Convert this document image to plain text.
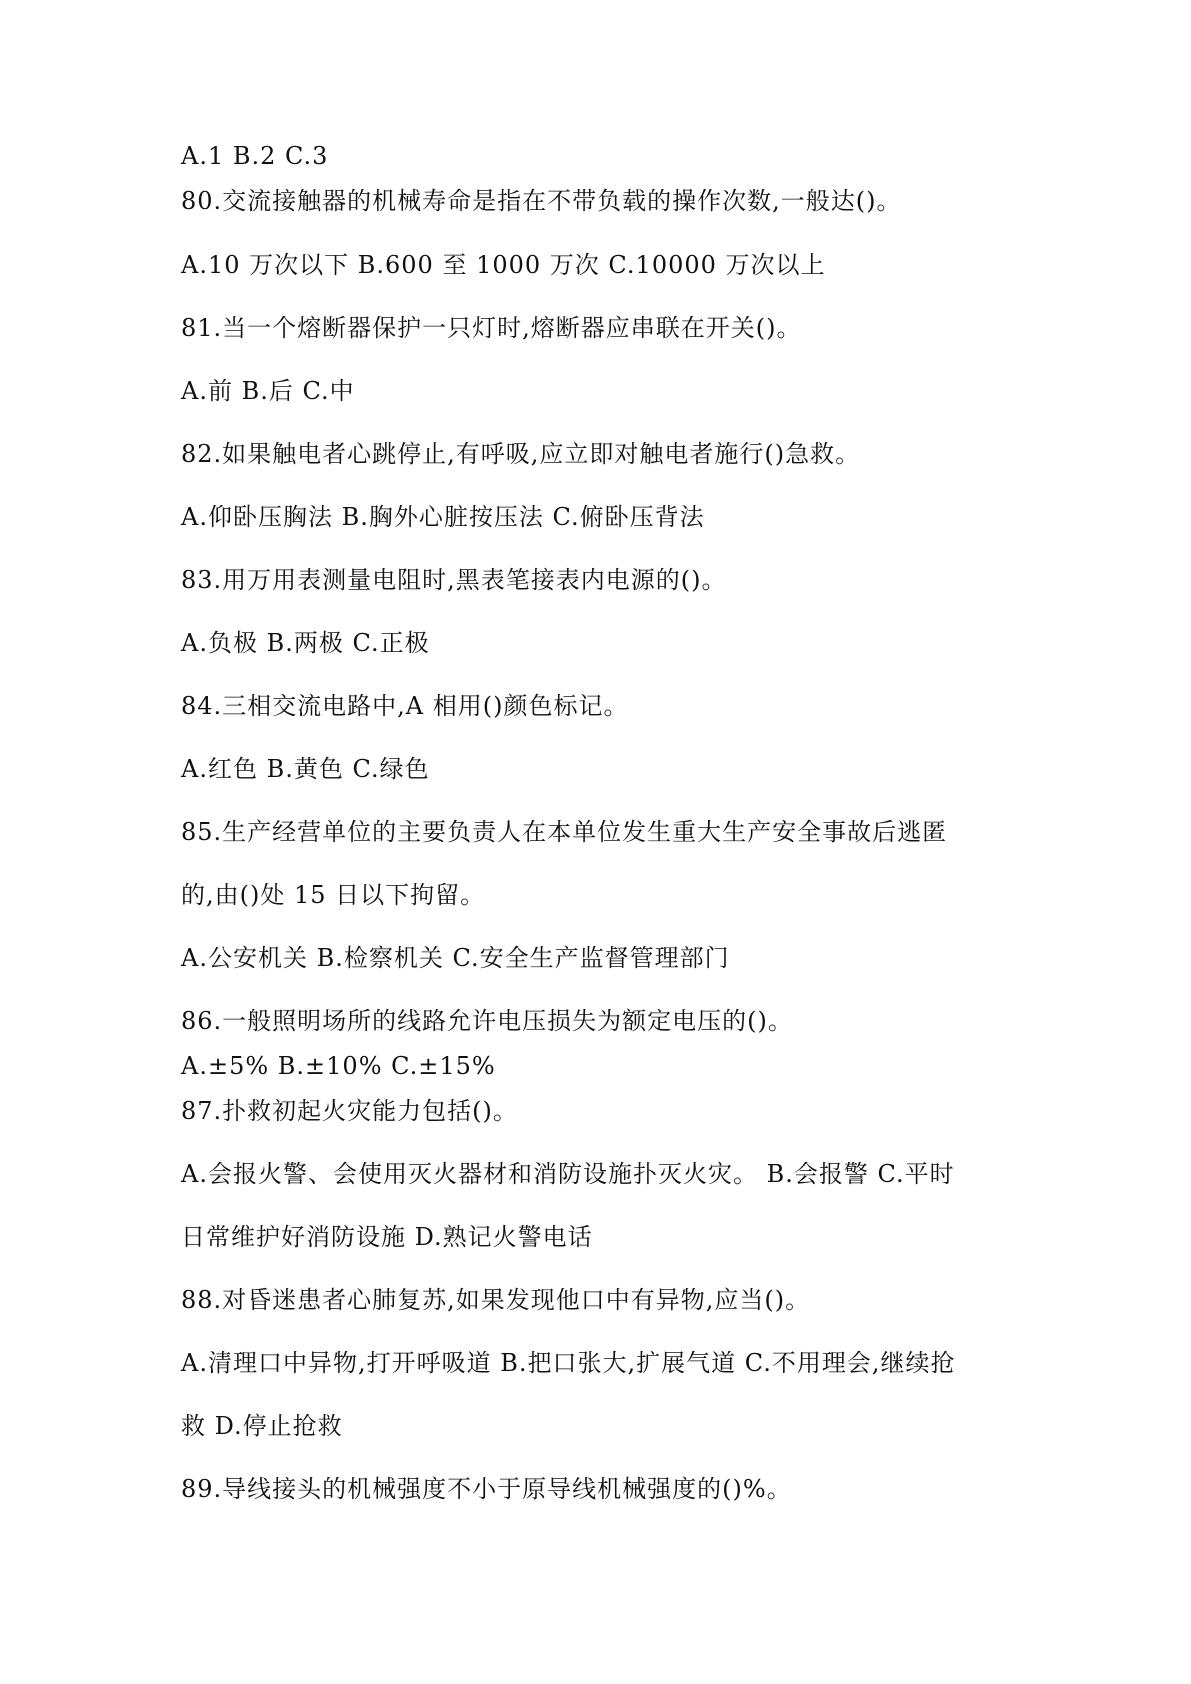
A.1 B.2 C.3
80.交流接触器的机械寿命是指在不带负载的操作次数,一般达()。
A.10 万次以下 B.600 至 1000 万次 C.10000 万次以上
81.当一个熔断器保护一只灯时,熔断器应串联在开关()。
A.前 B.后 C.中
82.如果触电者心跳停止,有呼吸,应立即对触电者施行()急救。
A.仰卧压胸法 B.胸外心脏按压法 C.俯卧压背法
83.用万用表测量电阻时,黑表笔接表内电源的()。
A.负极 B.两极 C.正极
84.三相交流电路中,A 相用()颜色标记。
A.红色 B.黄色 C.绿色
85.生产经营单位的主要负责人在本单位发生重大生产安全事故后逃匿
的,由()处 15 日以下拘留。
A.公安机关 B.检察机关 C.安全生产监督管理部门
86.一般照明场所的线路允许电压损失为额定电压的()。
A.±5% B.±10% C.±15%
87.扑救初起火灾能力包括()。
A.会报火警、会使用灭火器材和消防设施扑灭火灾。 B.会报警 C.平时
日常维护好消防设施 D.熟记火警电话
88.对昏迷患者心肺复苏,如果发现他口中有异物,应当()。
A.清理口中异物,打开呼吸道 B.把口张大,扩展气道 C.不用理会,继续抢
救 D.停止抢救
89.导线接头的机械强度不小于原导线机械强度的()%。
